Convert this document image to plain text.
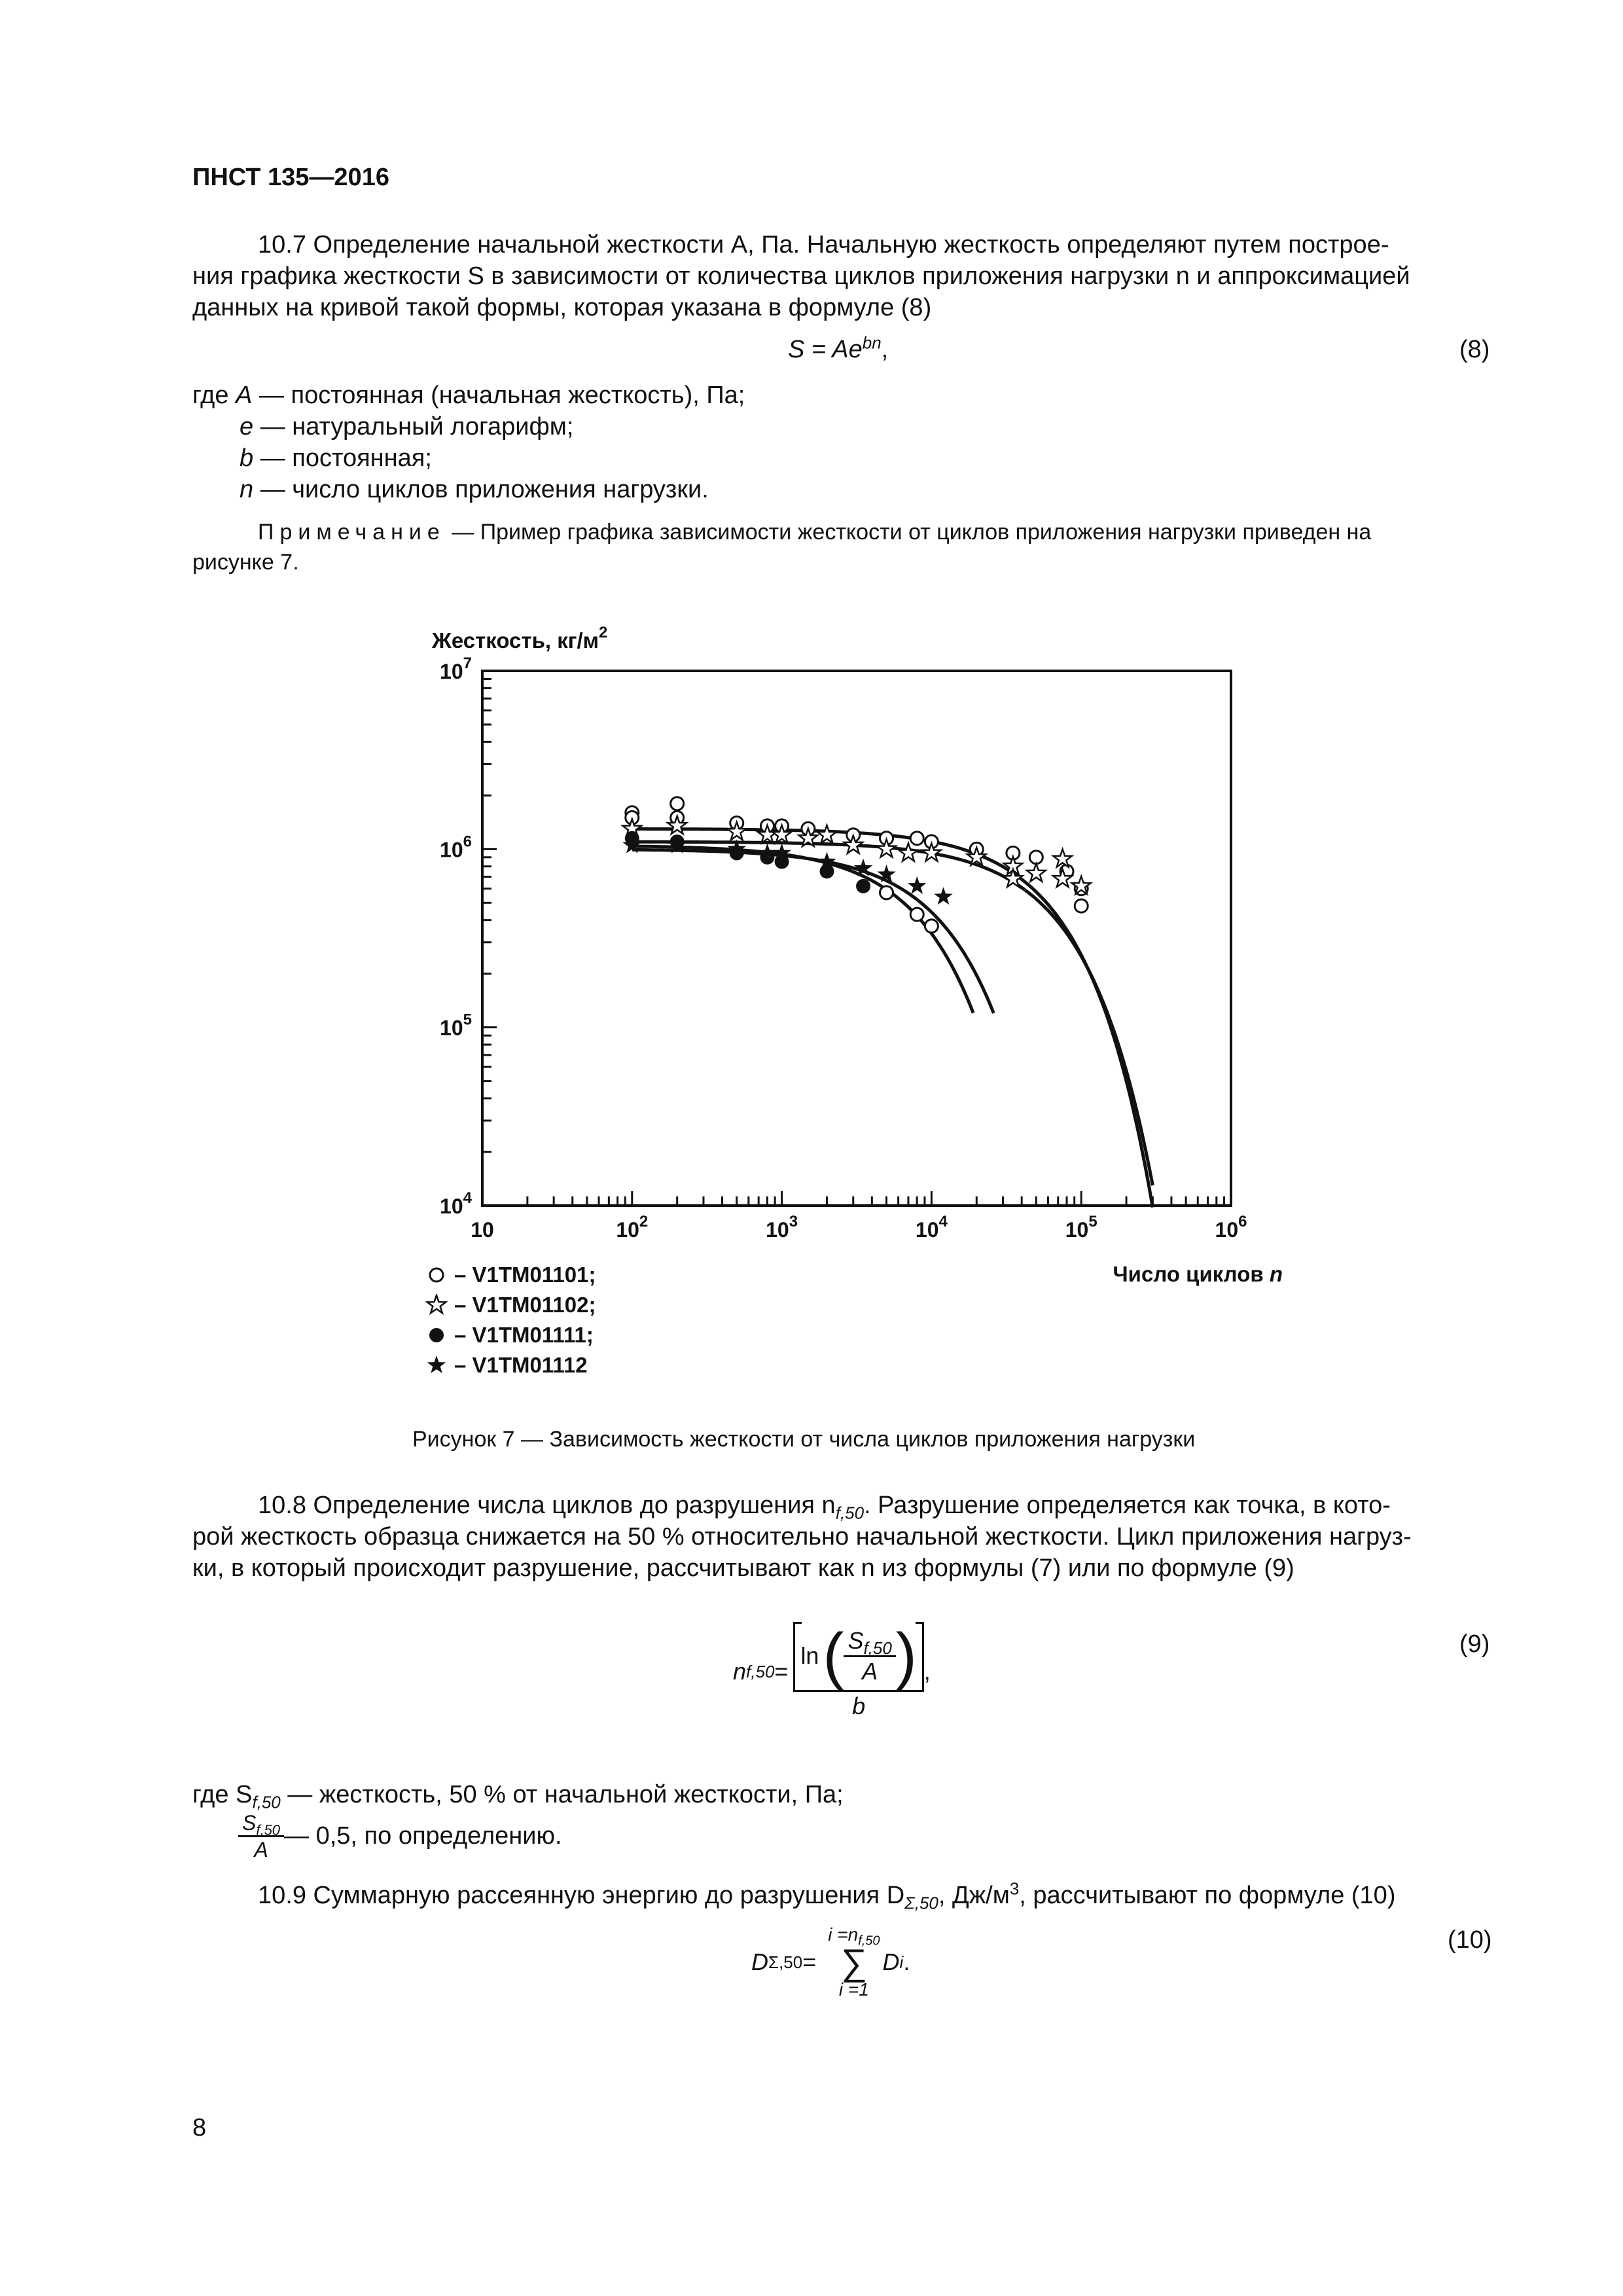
ПНСТ 135—2016
10.7 Определение начальной жесткости A, Па. Начальную жесткость определяют путем построе-
ния графика жесткости S в зависимости от количества циклов приложения нагрузки n и аппроксимацией
данных на кривой такой формы, которая указана в формуле (8)
$S = Ae^{bn}$,	(8)
где A — постоянная (начальная жесткость), Па;
e — натуральный логарифм;
b — постоянная;
n — число циклов приложения нагрузки.
Примечание — Пример графика зависимости жесткости от циклов приложения нагрузки приведен на
рисунке 7.
Жесткость, $кг/м^2$
10	$10^2$	$10^3$	$10^4$	$10^5$	$10^6$
$10^4$
$10^5$
$10^6$
$10^7$
Число циклов n
– V1TM01101;
– V1TM01102;
– V1TM01111;
– V1TM01112
Рисунок 7 — Зависимость жесткости от числа циклов приложения нагрузки
10.8 Определение числа циклов до разрушения $n_{f,50}$. Разрушение определяется как точка, в кото-
рой жесткость образца снижается на 50 % относительно начальной жесткости. Цикл приложения нагруз-
ки, в который происходит разрушение, рассчитывают как n из формулы (7) или по формуле (9)
n f,50 =
ln ( $\frac{S_{f,50}}{A}$ )
b
,
(9)
где $S_{f,50}$ — жесткость, 50 % от начальной жесткости, Па;
$\frac{S_{f,50}}{A}$ — 0,5, по определению.
10.9 Суммарную рассеянную энергию до разрушения $D_{\Sigma,50}$, $Дж/м^3$, рассчитывают по формуле (10)
D Σ,50 =
$i =n_{f,50}$
∑
i =1
D i .
(10)
8
